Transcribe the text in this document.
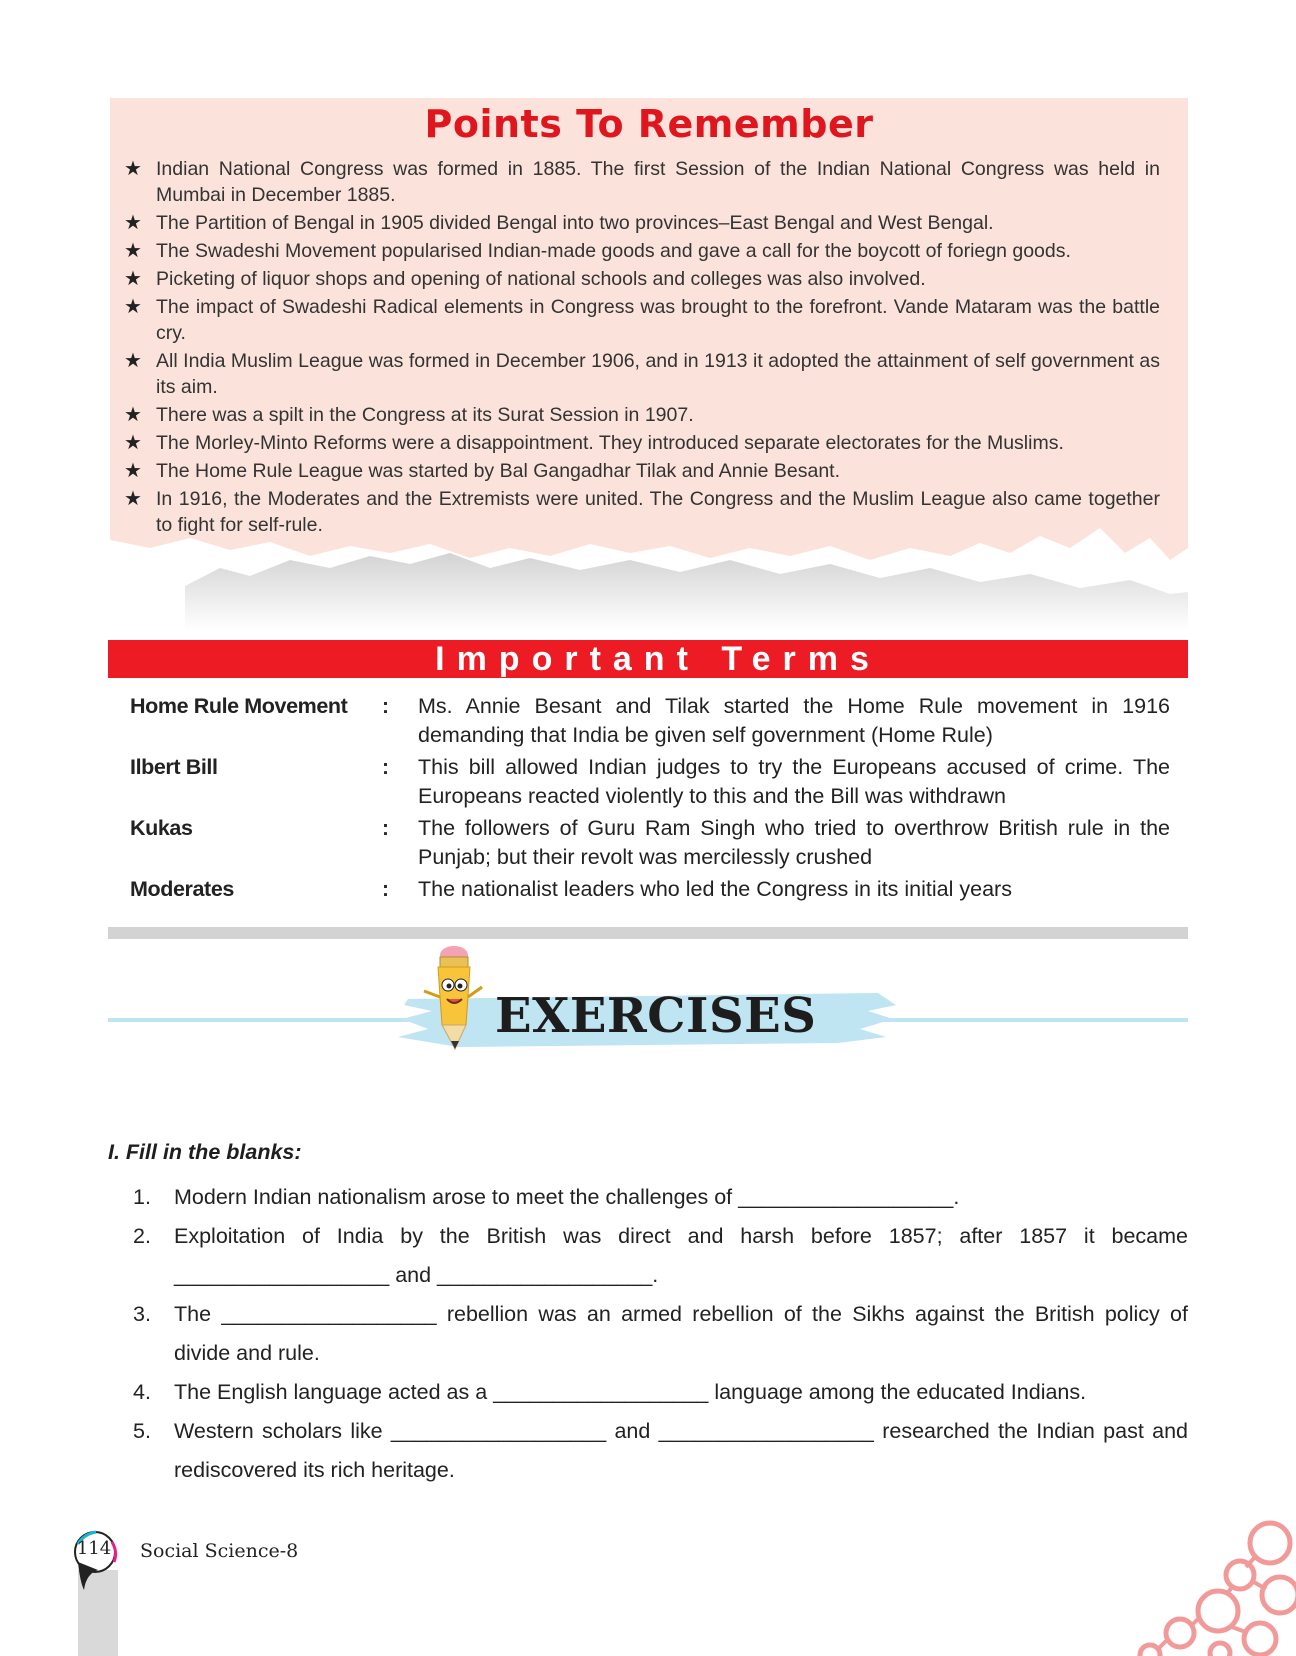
Points To Remember
★ Indian National Congress was formed in 1885. The first Session of the Indian National Congress was held in Mumbai in December 1885.
★ The Partition of Bengal in 1905 divided Bengal into two provinces–East Bengal and West Bengal.
★ The Swadeshi Movement popularised Indian-made goods and gave a call for the boycott of foriegn goods.
★ Picketing of liquor shops and opening of national schools and colleges was also involved.
★ The impact of Swadeshi Radical elements in Congress was brought to the forefront. Vande Mataram was the battle cry.
★ All India Muslim League was formed in December 1906, and in 1913 it adopted the attainment of self government as its aim.
★ There was a spilt in the Congress at its Surat Session in 1907.
★ The Morley-Minto Reforms were a disappointment. They introduced separate electorates for the Muslims.
★ The Home Rule League was started by Bal Gangadhar Tilak and Annie Besant.
★ In 1916, the Moderates and the Extremists were united. The Congress and the Muslim League also came together to fight for self-rule.
Important Terms
Home Rule Movement	: Ms. Annie Besant and Tilak started the Home Rule movement in 1916 demanding that India be given self government (Home Rule)
Ilbert Bill	: This bill allowed Indian judges to try the Europeans accused of crime. The Europeans reacted violently to this and the Bill was withdrawn
Kukas	: The followers of Guru Ram Singh who tried to overthrow British rule in the Punjab; but their revolt was mercilessly crushed
Moderates	: The nationalist leaders who led the Congress in its initial years
EXERCISES
I. Fill in the blanks:
1. Modern Indian nationalism arose to meet the challenges of __________________.
2. Exploitation of India by the British was direct and harsh before 1857; after 1857 it became __________________ and __________________.
3. The __________________ rebellion was an armed rebellion of the Sikhs against the British policy of divide and rule.
4. The English language acted as a __________________ language among the educated Indians.
5. Western scholars like __________________ and __________________ researched the Indian past and rediscovered its rich heritage.
114 Social Science-8
